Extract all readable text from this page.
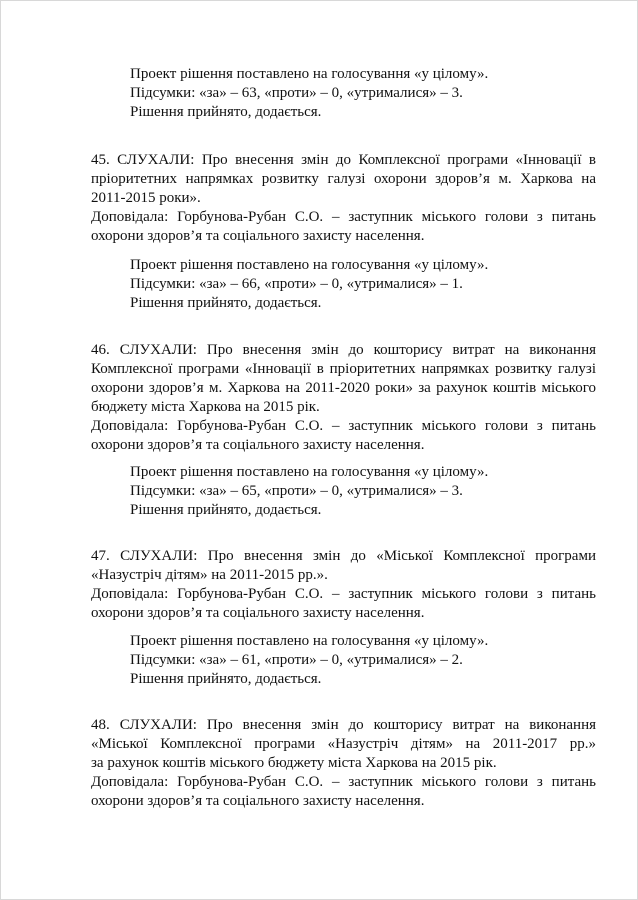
Проект рішення поставлено на голосування «у цілому».
Підсумки: «за» – 63, «проти» – 0, «утрималися» – 3.
Рішення прийнято, додається.
45. СЛУХАЛИ: Про внесення змін до Комплексної програми «Інновації в
пріоритетних напрямках розвитку галузі охорони здоров’я м. Харкова на
2011-2015 роки».
Доповідала: Горбунова-Рубан С.О. – заступник міського голови з питань
охорони здоров’я та соціального захисту населення.
Проект рішення поставлено на голосування «у цілому».
Підсумки: «за» – 66, «проти» – 0, «утрималися» – 1.
Рішення прийнято, додається.
46. СЛУХАЛИ: Про внесення змін до кошторису витрат на виконання
Комплексної програми «Інновації в пріоритетних напрямках розвитку галузі
охорони здоров’я м. Харкова на 2011-2020 роки» за рахунок коштів міського
бюджету міста Харкова на 2015 рік.
Доповідала: Горбунова-Рубан С.О. – заступник міського голови з питань
охорони здоров’я та соціального захисту населення.
Проект рішення поставлено на голосування «у цілому».
Підсумки: «за» – 65, «проти» – 0, «утрималися» – 3.
Рішення прийнято, додається.
47. СЛУХАЛИ: Про внесення змін до «Міської Комплексної програми
«Назустріч дітям» на 2011-2015 рр.».
Доповідала: Горбунова-Рубан С.О. – заступник міського голови з питань
охорони здоров’я та соціального захисту населення.
Проект рішення поставлено на голосування «у цілому».
Підсумки: «за» – 61, «проти» – 0, «утрималися» – 2.
Рішення прийнято, додається.
48. СЛУХАЛИ: Про внесення змін до кошторису витрат на виконання
«Міської Комплексної програми «Назустріч дітям» на 2011-2017 рр.»
за рахунок коштів міського бюджету міста Харкова на 2015 рік.
Доповідала: Горбунова-Рубан С.О. – заступник міського голови з питань
охорони здоров’я та соціального захисту населення.
